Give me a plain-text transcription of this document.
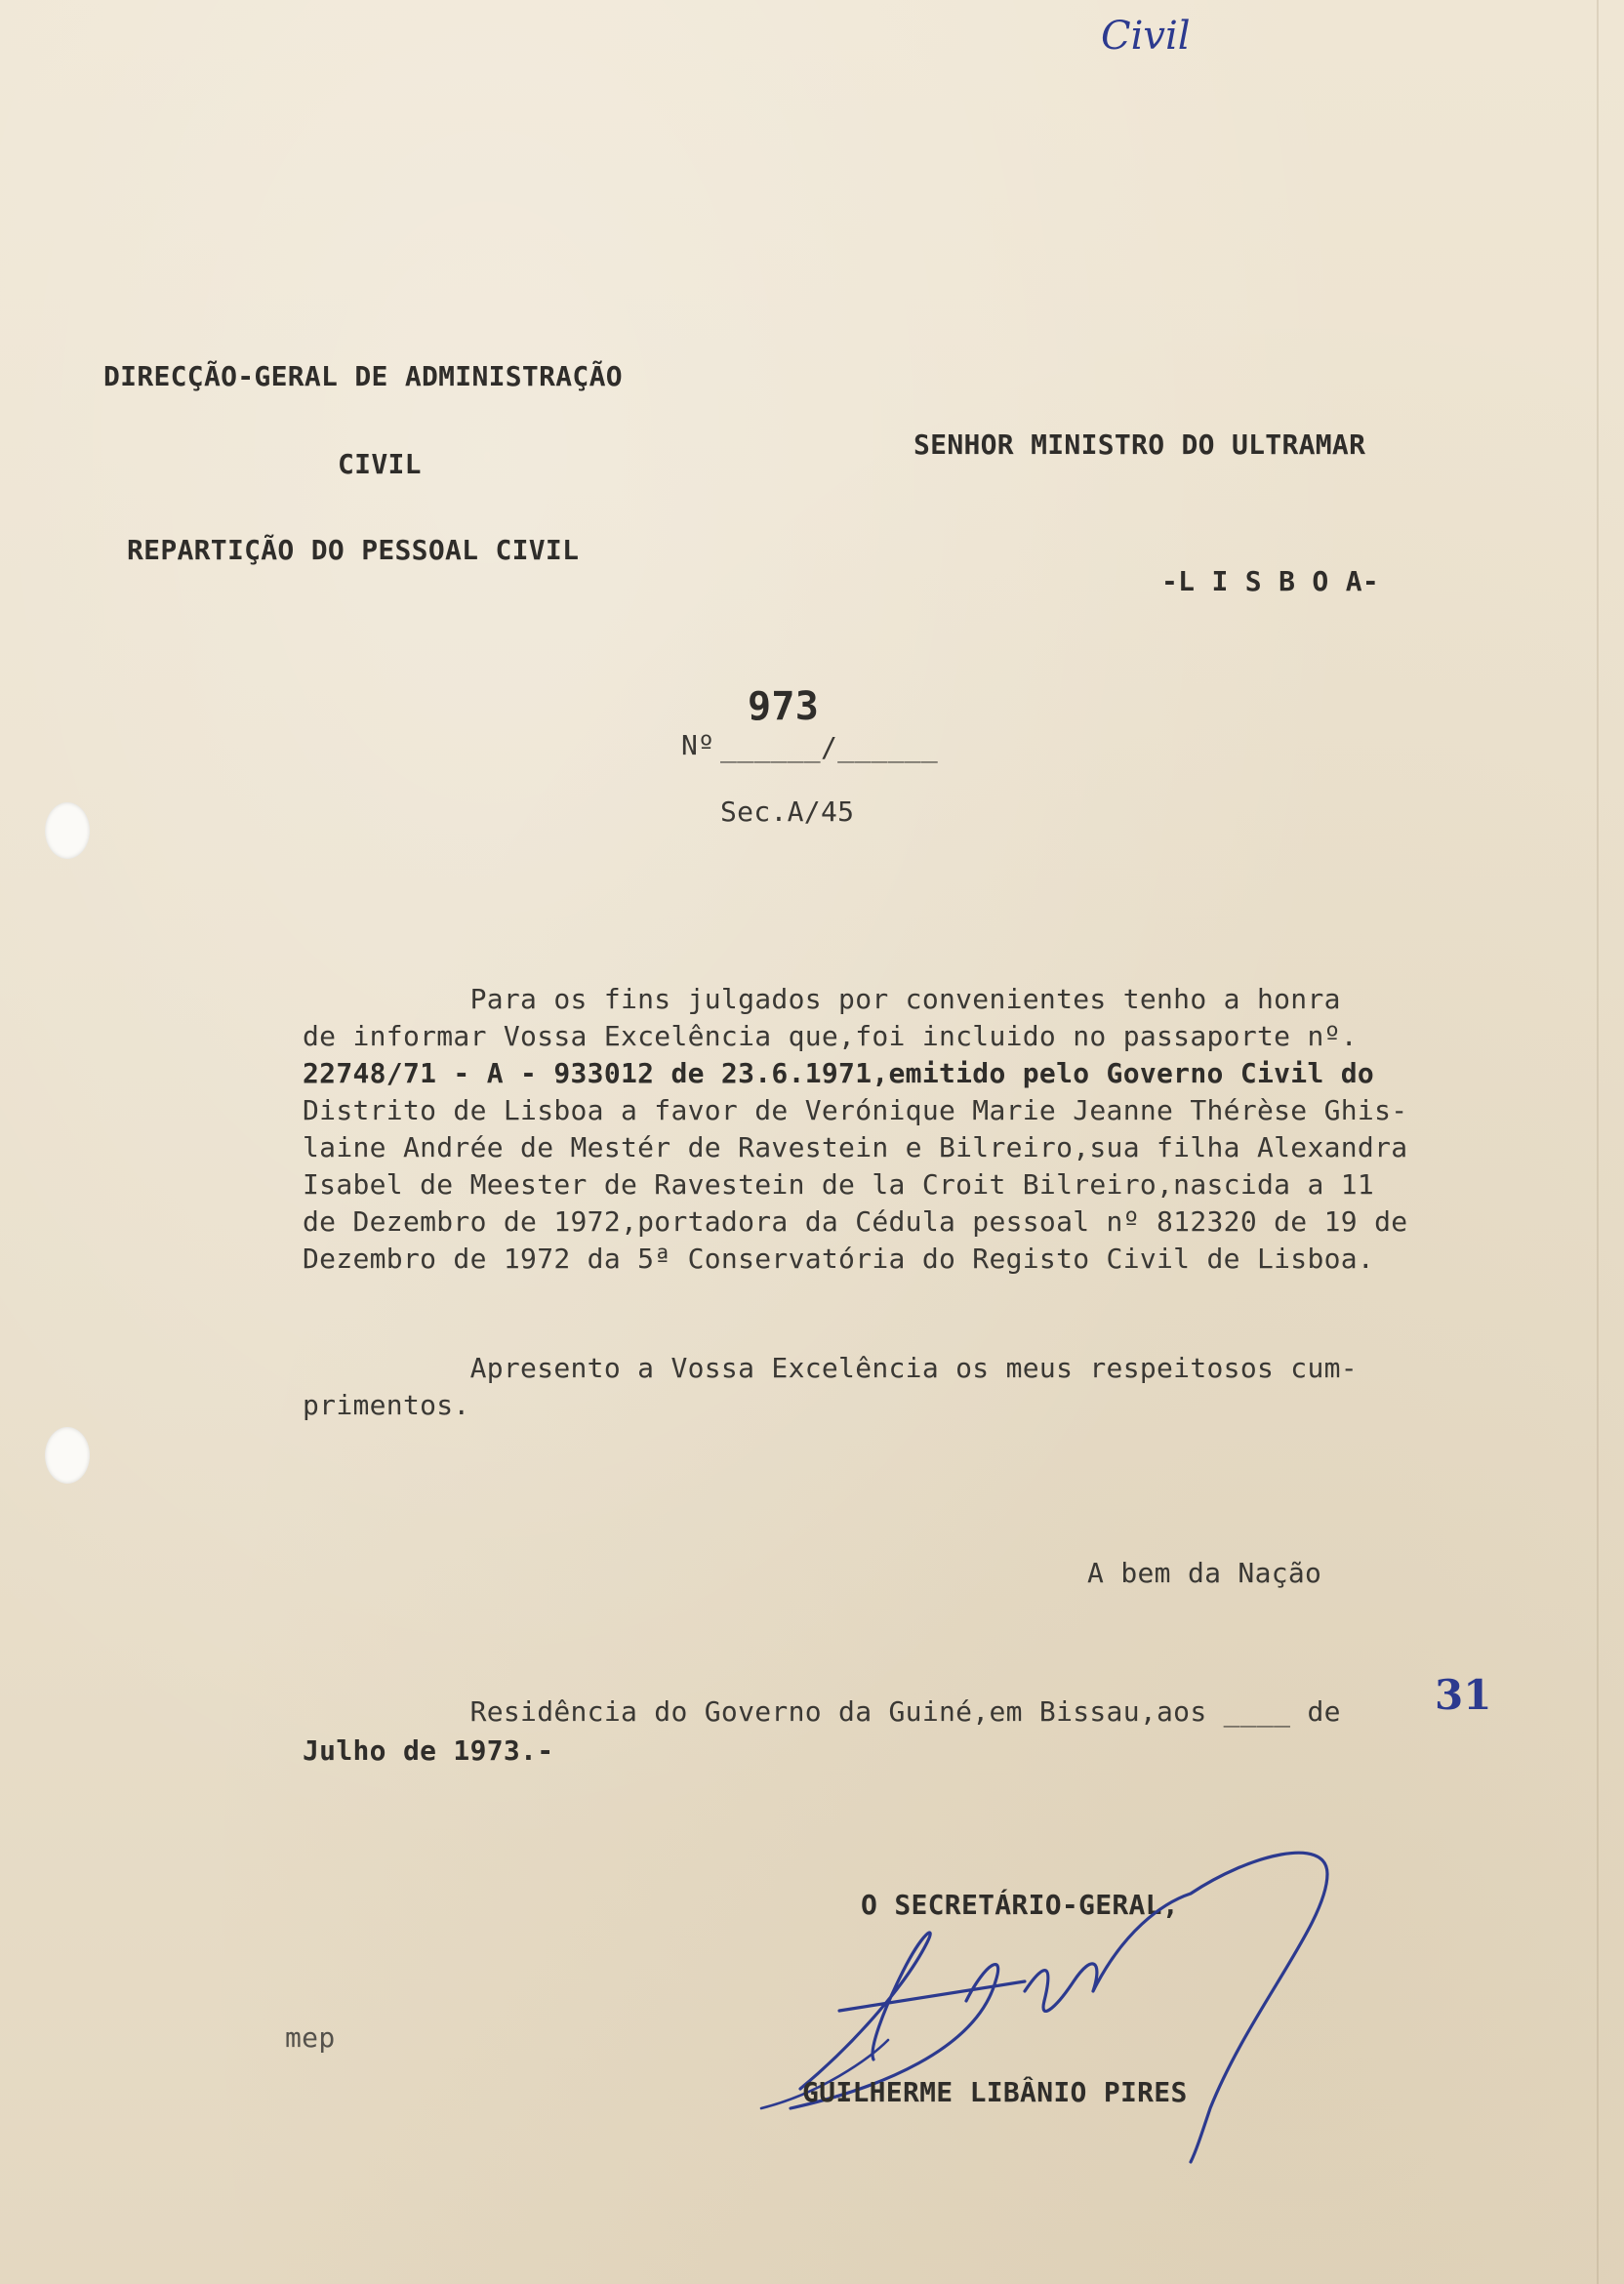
Civil
DIRECÇÃO-GERAL DE ADMINISTRAÇÃO
CIVIL
REPARTIÇÃO DO PESSOAL CIVIL
SENHOR MINISTRO DO ULTRAMAR
-L I S B O A-
973
Nº ______/______
Sec.A/45
Para os fins julgados por convenientes tenho a honra
de informar Vossa Excelência que,foi incluido no passaporte nº.
22748/71 - A - 933012 de 23.6.1971,emitido pelo Governo Civil do
Distrito de Lisboa a favor de Verónique Marie Jeanne Thérèse Ghis-
laine Andrée de Mestér de Ravestein e Bilreiro,sua filha Alexandra
Isabel de Meester de Ravestein de la Croit Bilreiro,nascida a 11
de Dezembro de 1972,portadora da Cédula pessoal nº 812320 de 19 de
Dezembro de 1972 da 5ª Conservatória do Registo Civil de Lisboa.
Apresento a Vossa Excelência os meus respeitosos cum-
primentos.
A bem da Nação
Residência do Governo da Guiné,em Bissau,aos ____ de 31
Julho de 1973.-
O SECRETÁRIO-GERAL,
GUILHERME LIBÂNIO PIRES
mep
